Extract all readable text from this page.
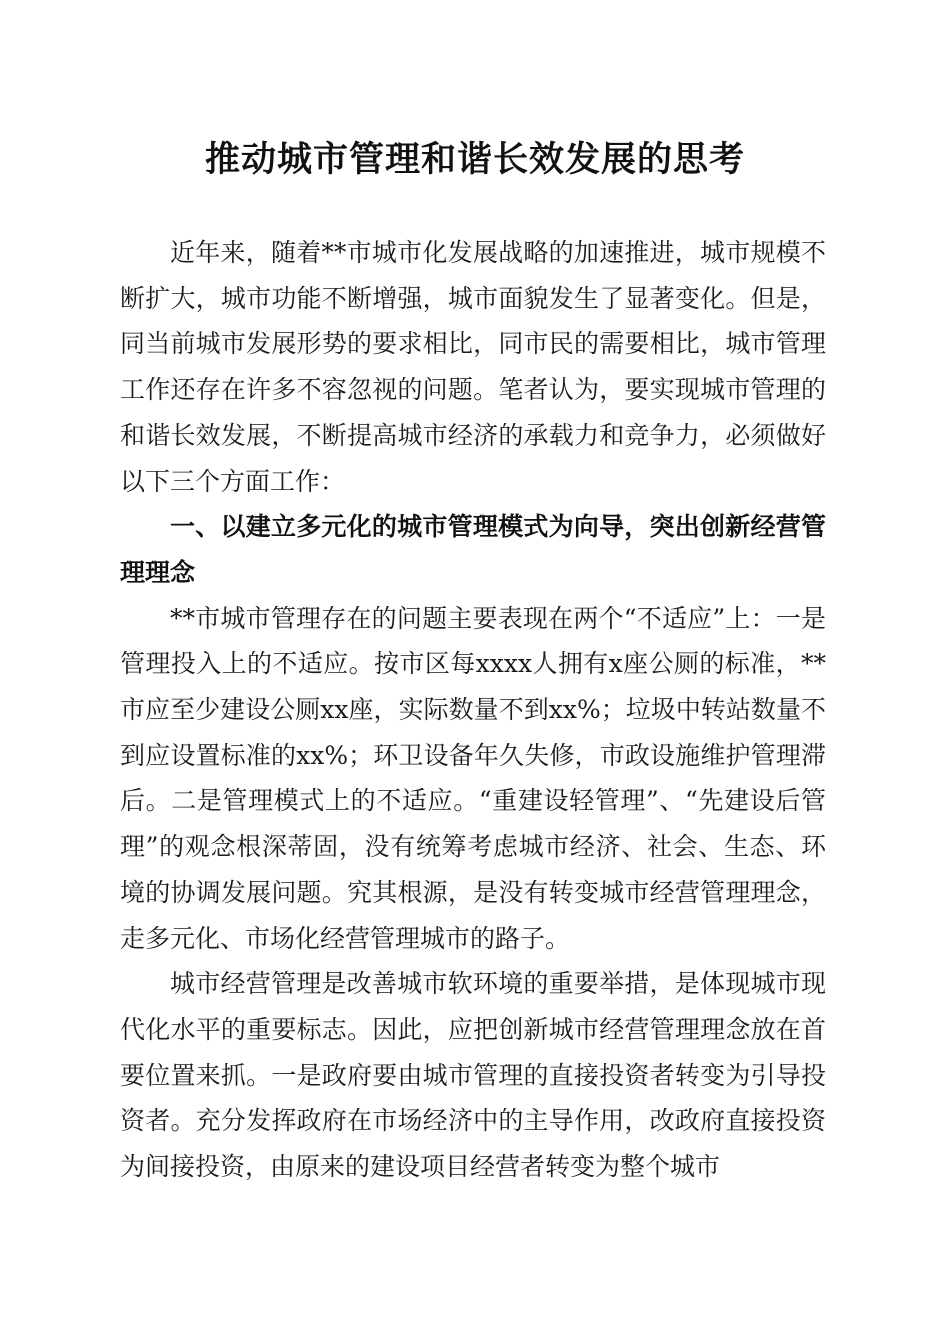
推动城市管理和谐长效发展的思考

近年来，随着**市城市化发展战略的加速推进，城市规模不断扩大，城市功能不断增强，城市面貌发生了显著变化。但是，同当前城市发展形势的要求相比，同市民的需要相比，城市管理工作还存在许多不容忽视的问题。笔者认为，要实现城市管理的和谐长效发展，不断提高城市经济的承载力和竞争力，必须做好以下三个方面工作：

一、以建立多元化的城市管理模式为向导，突出创新经营管理理念

**市城市管理存在的问题主要表现在两个“不适应”上：一是管理投入上的不适应。按市区每xxxx人拥有x座公厕的标准，**市应至少建设公厕xx座，实际数量不到xx%；垃圾中转站数量不到应设置标准的xx%；环卫设备年久失修，市政设施维护管理滞后。二是管理模式上的不适应。“重建设轻管理”、“先建设后管理”的观念根深蒂固，没有统筹考虑城市经济、社会、生态、环境的协调发展问题。究其根源，是没有转变城市经营管理理念，走多元化、市场化经营管理城市的路子。

城市经营管理是改善城市软环境的重要举措，是体现城市现代化水平的重要标志。因此，应把创新城市经营管理理念放在首要位置来抓。一是政府要由城市管理的直接投资者转变为引导投资者。充分发挥政府在市场经济中的主导作用，改政府直接投资为间接投资，由原来的建设项目经营者转变为整个城市
